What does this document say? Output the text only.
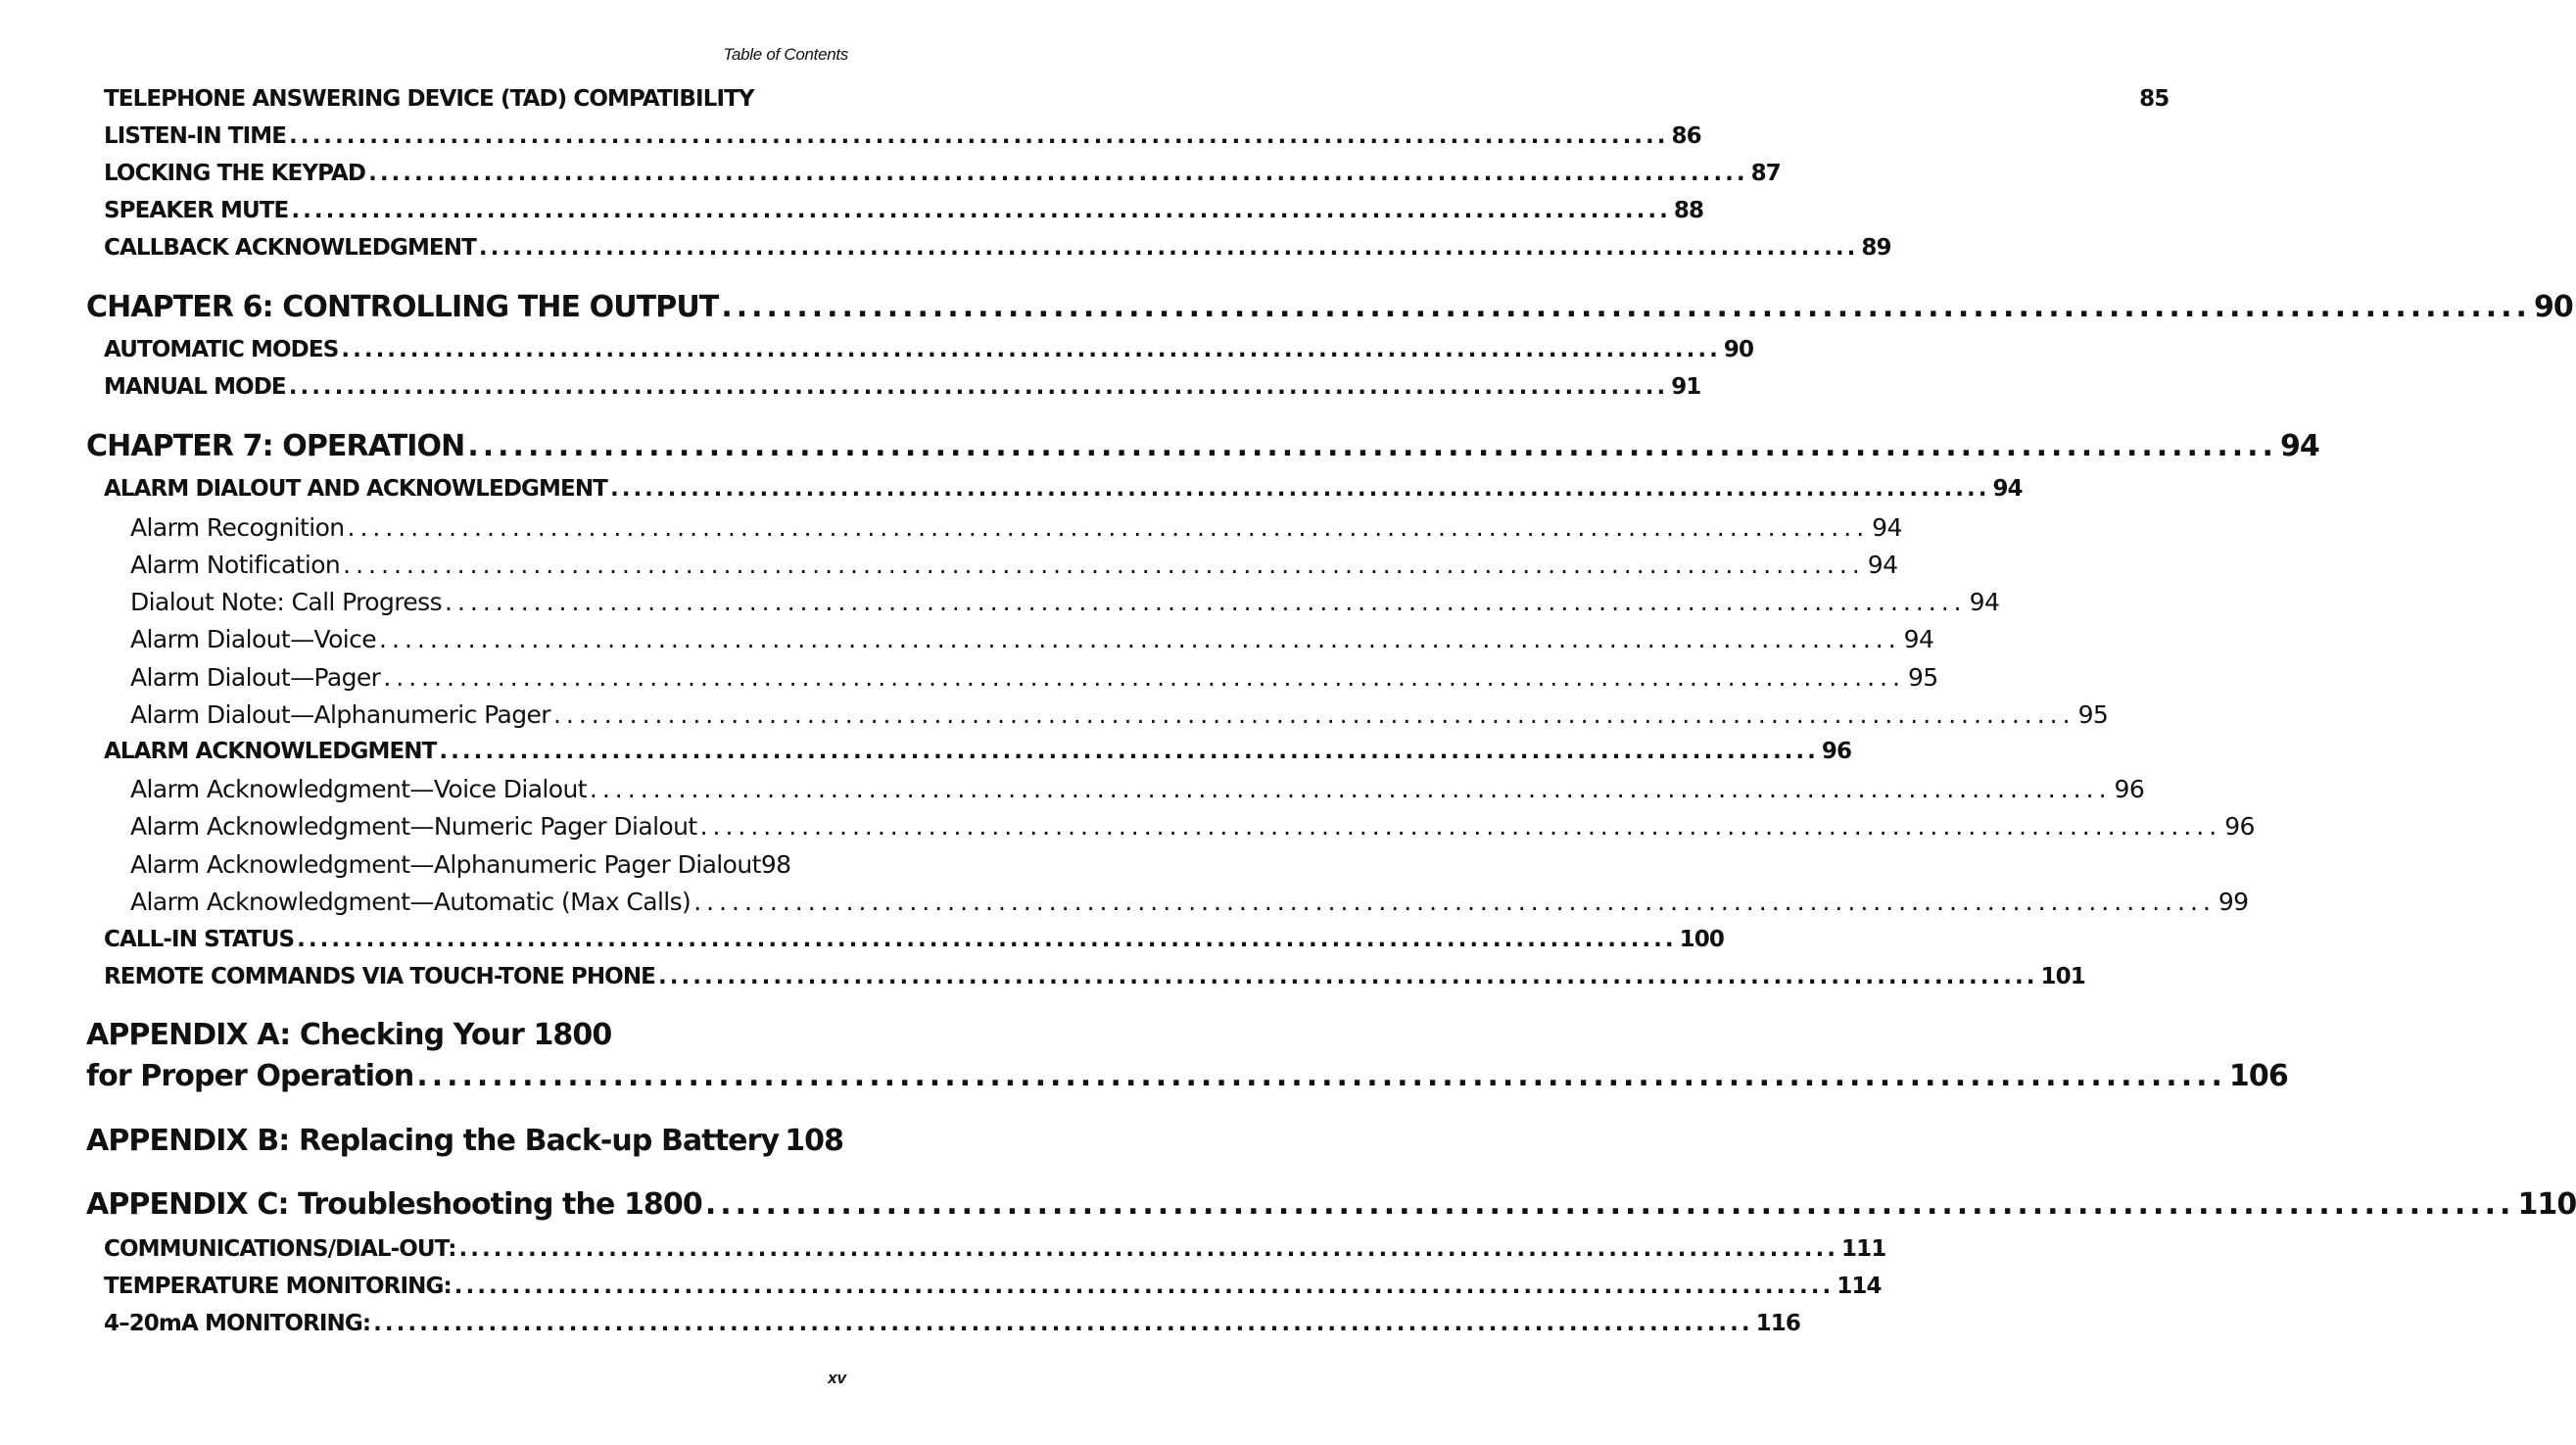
Table of Contents
TELEPHONE ANSWERING DEVICE (TAD) COMPATIBILITY	85
LISTEN-IN TIME ........................................................................................................................ 86
LOCKING THE KEYPAD ........................................................................................................................ 87
SPEAKER MUTE ........................................................................................................................ 88
CALLBACK ACKNOWLEDGMENT ........................................................................................................................ 89
CHAPTER 6: CONTROLLING THE OUTPUT ........................................................................................................................ 90
AUTOMATIC MODES ........................................................................................................................ 90
MANUAL MODE ........................................................................................................................ 91
CHAPTER 7: OPERATION ........................................................................................................................ 94
ALARM DIALOUT AND ACKNOWLEDGMENT ........................................................................................................................ 94
Alarm Recognition ........................................................................................................................ 94
Alarm Notification ........................................................................................................................ 94
Dialout Note: Call Progress ........................................................................................................................ 94
Alarm Dialout—Voice ........................................................................................................................ 94
Alarm Dialout—Pager ........................................................................................................................ 95
Alarm Dialout—Alphanumeric Pager ........................................................................................................................ 95
ALARM ACKNOWLEDGMENT ........................................................................................................................ 96
Alarm Acknowledgment—Voice Dialout ........................................................................................................................ 96
Alarm Acknowledgment—Numeric Pager Dialout ........................................................................................................................ 96
Alarm Acknowledgment—Alphanumeric Pager Dialout 98
Alarm Acknowledgment—Automatic (Max Calls) ........................................................................................................................ 99
CALL-IN STATUS ........................................................................................................................ 100
REMOTE COMMANDS VIA TOUCH-TONE PHONE ........................................................................................................................ 101
APPENDIX A: Checking Your 1800
for Proper Operation ........................................................................................................................ 106
APPENDIX B: Replacing the Back-up Battery 108
APPENDIX C: Troubleshooting the 1800 ........................................................................................................................ 110
COMMUNICATIONS/DIAL-OUT: ........................................................................................................................ 111
TEMPERATURE MONITORING: ........................................................................................................................ 114
4–20mA MONITORING: ........................................................................................................................ 116
xv
